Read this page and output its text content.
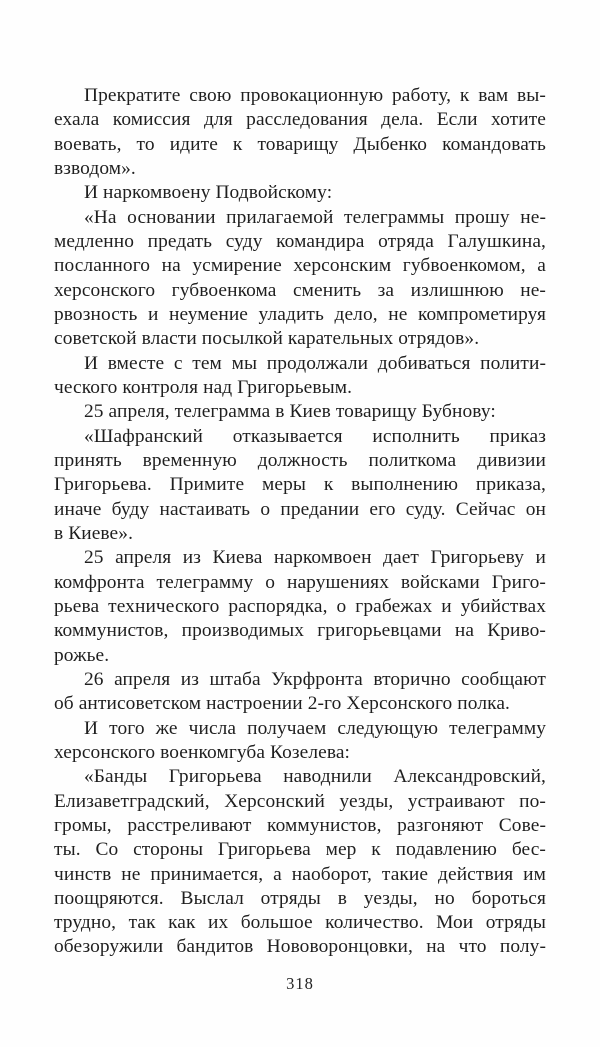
Прекратите свою провокационную работу, к вам вы-
ехала комиссия для расследования дела. Если хотите
воевать, то идите к товарищу Дыбенко командовать
взводом».
И наркомвоену Подвойскому:
«На основании прилагаемой телеграммы прошу не-
медленно предать суду командира отряда Галушкина,
посланного на усмирение херсонским губвоенкомом, а
херсонского губвоенкома сменить за излишнюю не-
рвозность и неумение уладить дело, не компрометируя
советской власти посылкой карательных отрядов».
И вместе с тем мы продолжали добиваться полити-
ческого контроля над Григорьевым.
25 апреля, телеграмма в Киев товарищу Бубнову:
«Шафранский отказывается исполнить приказ
принять временную должность политкома дивизии
Григорьева. Примите меры к выполнению приказа,
иначе буду настаивать о предании его суду. Сейчас он
в Киеве».
25 апреля из Киева наркомвоен дает Григорьеву и
комфронта телеграмму о нарушениях войсками Григо-
рьева технического распорядка, о грабежах и убийствах
коммунистов, производимых григорьевцами на Криво-
рожье.
26 апреля из штаба Укрфронта вторично сообщают
об антисоветском настроении 2-го Херсонского полка.
И того же числа получаем следующую телеграмму
херсонского военкомгуба Козелева:
«Банды Григорьева наводнили Александровский,
Елизаветградский, Херсонский уезды, устраивают по-
громы, расстреливают коммунистов, разгоняют Сове-
ты. Со стороны Григорьева мер к подавлению бес-
чинств не принимается, а наоборот, такие действия им
поощряются. Выслал отряды в уезды, но бороться
трудно, так как их большое количество. Мои отряды
обезоружили бандитов Нововоронцовки, на что полу-
318
